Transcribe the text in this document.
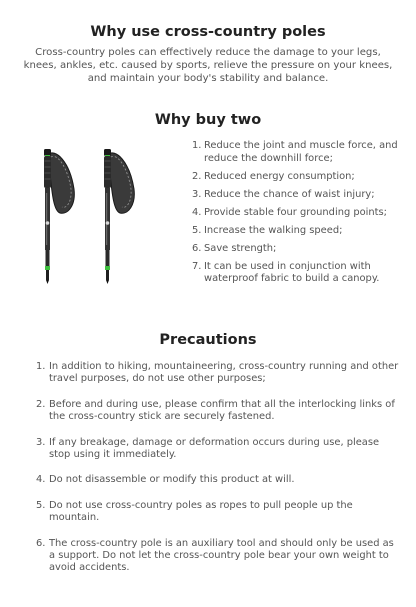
Why use cross-country poles
Cross-country poles can effectively reduce the damage to your legs,
knees, ankles, etc. caused by sports, relieve the pressure on your knees,
and maintain your body's stability and balance.
Why buy two
1. Reduce the joint and muscle force, and reduce the downhill force;
2. Reduced energy consumption;
3. Reduce the chance of waist injury;
4. Provide stable four grounding points;
5. Increase the walking speed;
6. Save strength;
7. It can be used in conjunction with waterproof fabric to build a canopy.
Precautions
1. In addition to hiking, mountaineering, cross-country running and other travel purposes, do not use other purposes;
2. Before and during use, please confirm that all the interlocking links of the cross-country stick are securely fastened.
3. If any breakage, damage or deformation occurs during use, please stop using it immediately.
4. Do not disassemble or modify this product at will.
5. Do not use cross-country poles as ropes to pull people up the mountain.
6. The cross-country pole is an auxiliary tool and should only be used as a support. Do not let the cross-country pole bear your own weight to avoid accidents.
